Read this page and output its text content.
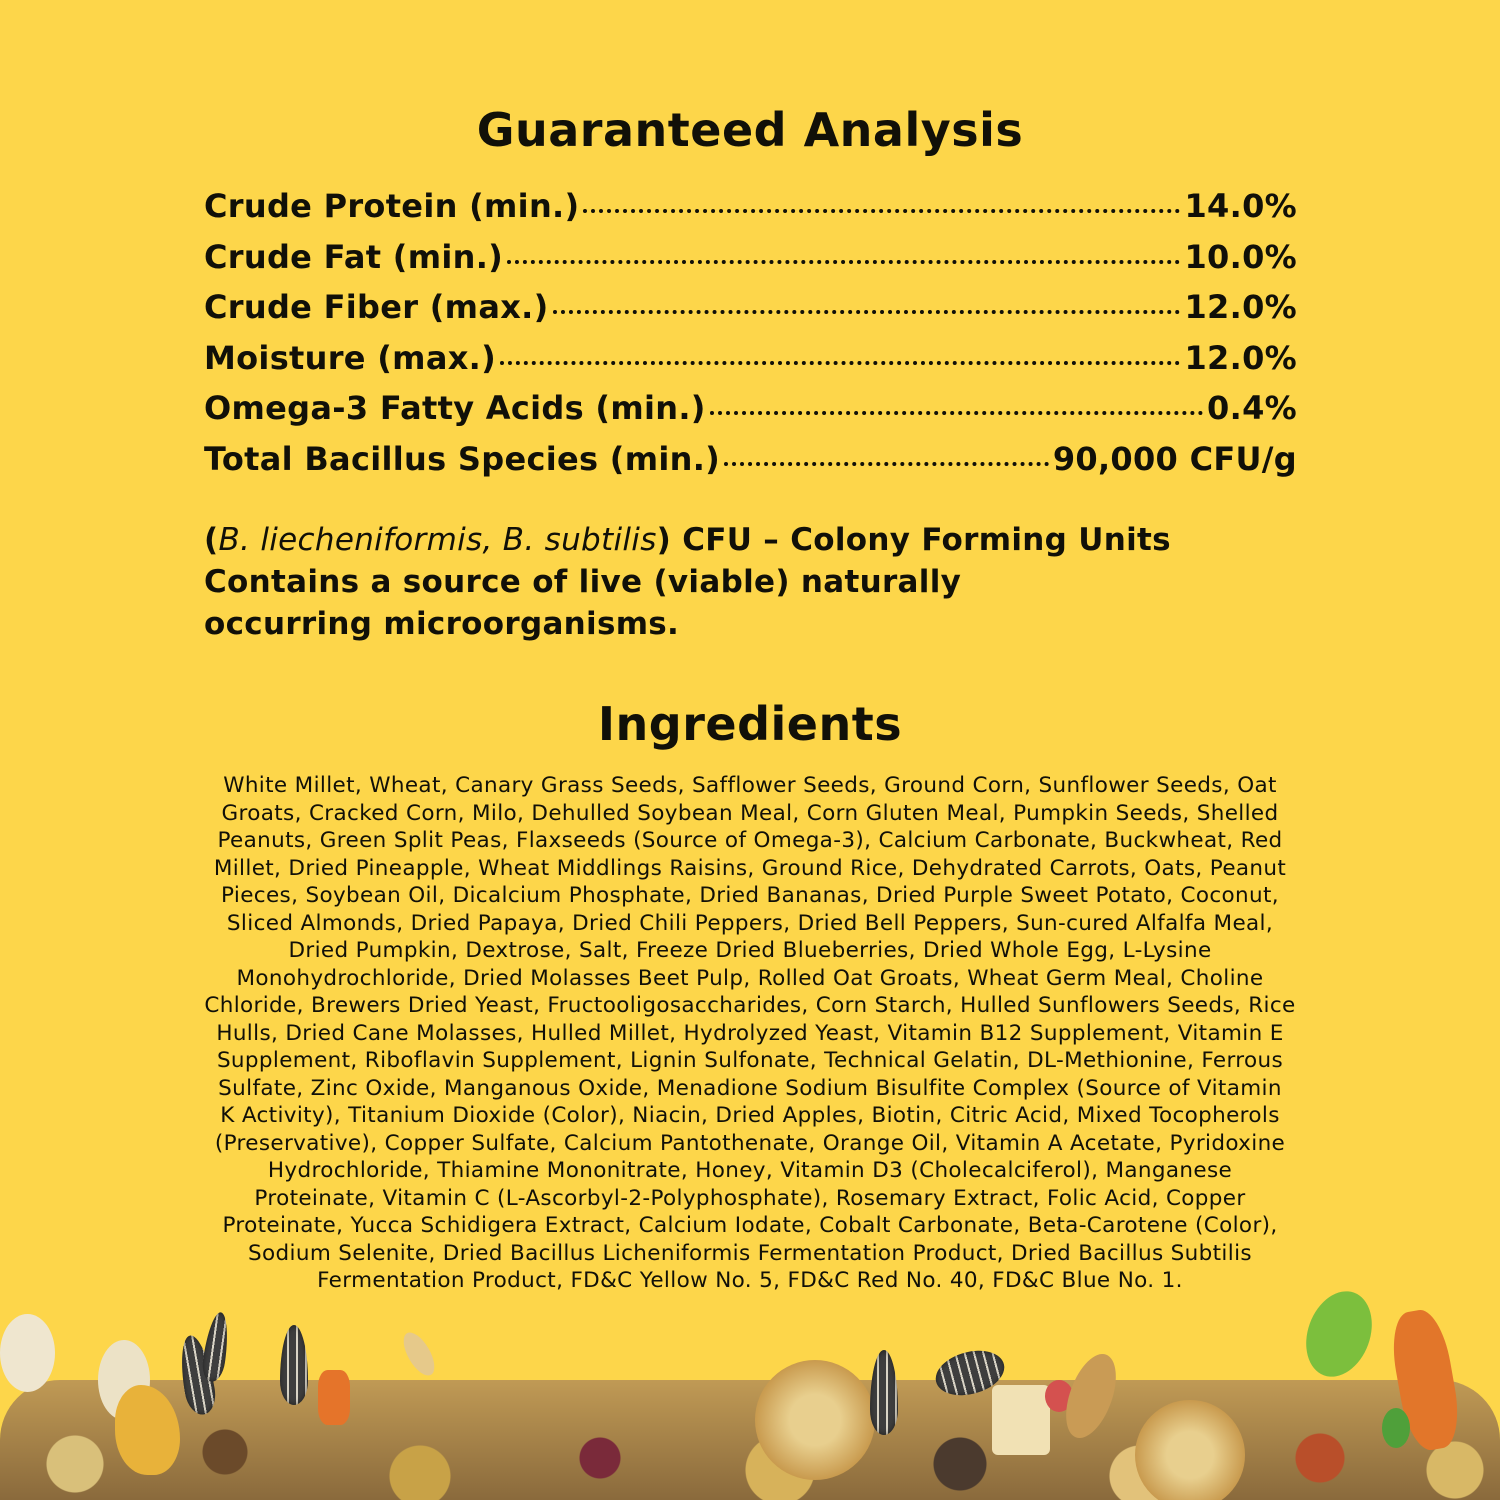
Guaranteed Analysis
Crude Protein (min.)	14.0%
Crude Fat (min.)	10.0%
Crude Fiber (max.)	12.0%
Moisture (max.)	12.0%
Omega-3 Fatty Acids (min.)	0.4%
Total Bacillus Species (min.)	90,000 CFU/g
(B. liecheniformis, B. subtilis) CFU – Colony Forming Units
Contains a source of live (viable) naturally
occurring microorganisms.
Ingredients
White Millet, Wheat, Canary Grass Seeds, Safflower Seeds, Ground Corn, Sunflower Seeds, Oat
Groats, Cracked Corn, Milo, Dehulled Soybean Meal, Corn Gluten Meal, Pumpkin Seeds, Shelled
Peanuts, Green Split Peas, Flaxseeds (Source of Omega-3), Calcium Carbonate, Buckwheat, Red
Millet, Dried Pineapple, Wheat Middlings Raisins, Ground Rice, Dehydrated Carrots, Oats, Peanut
Pieces, Soybean Oil, Dicalcium Phosphate, Dried Bananas, Dried Purple Sweet Potato, Coconut,
Sliced Almonds, Dried Papaya, Dried Chili Peppers, Dried Bell Peppers, Sun-cured Alfalfa Meal,
Dried Pumpkin, Dextrose, Salt, Freeze Dried Blueberries, Dried Whole Egg, L-Lysine
Monohydrochloride, Dried Molasses Beet Pulp, Rolled Oat Groats, Wheat Germ Meal, Choline
Chloride, Brewers Dried Yeast, Fructooligosaccharides, Corn Starch, Hulled Sunflowers Seeds, Rice
Hulls, Dried Cane Molasses, Hulled Millet, Hydrolyzed Yeast, Vitamin B12 Supplement, Vitamin E
Supplement, Riboflavin Supplement, Lignin Sulfonate, Technical Gelatin, DL-Methionine, Ferrous
Sulfate, Zinc Oxide, Manganous Oxide, Menadione Sodium Bisulfite Complex (Source of Vitamin
K Activity), Titanium Dioxide (Color), Niacin, Dried Apples, Biotin, Citric Acid, Mixed Tocopherols
(Preservative), Copper Sulfate, Calcium Pantothenate, Orange Oil, Vitamin A Acetate, Pyridoxine
Hydrochloride, Thiamine Mononitrate, Honey, Vitamin D3 (Cholecalciferol), Manganese
Proteinate, Vitamin C (L-Ascorbyl-2-Polyphosphate), Rosemary Extract, Folic Acid, Copper
Proteinate, Yucca Schidigera Extract, Calcium Iodate, Cobalt Carbonate, Beta-Carotene (Color),
Sodium Selenite, Dried Bacillus Licheniformis Fermentation Product, Dried Bacillus Subtilis
Fermentation Product, FD&C Yellow No. 5, FD&C Red No. 40, FD&C Blue No. 1.
